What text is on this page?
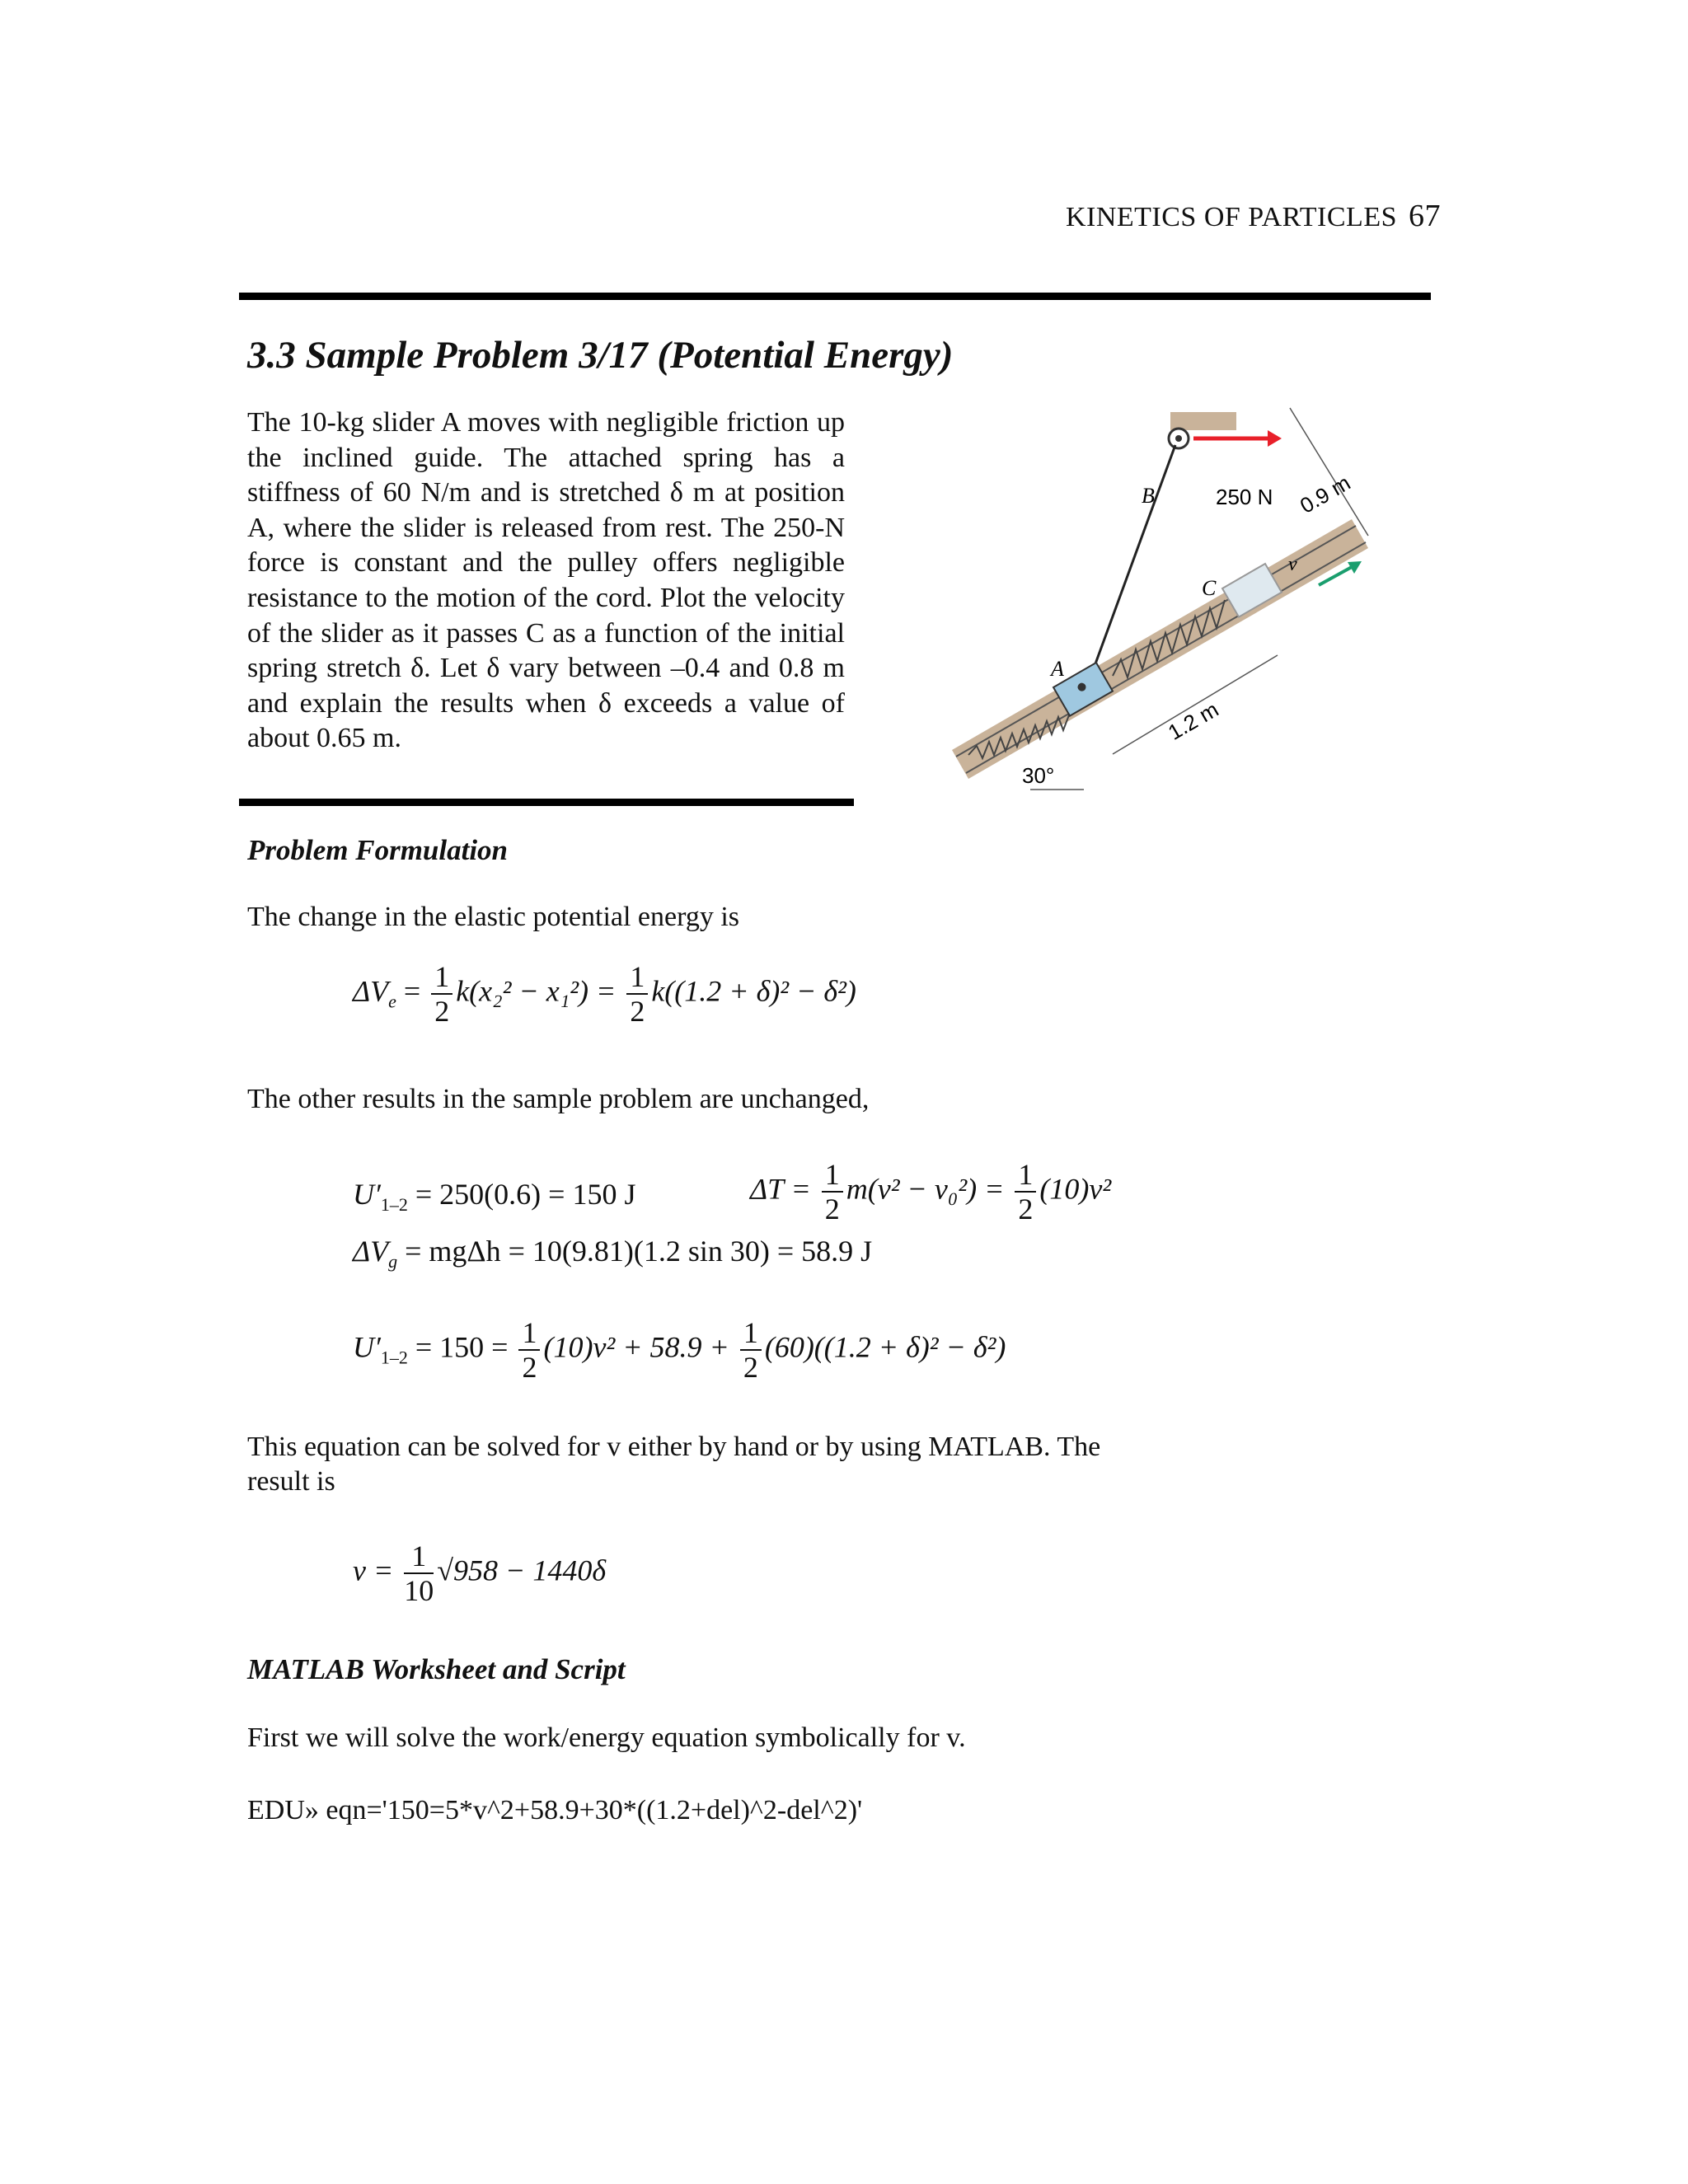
KINETICS OF PARTICLES 67
3.3 Sample Problem 3/17 (Potential Energy)
The 10-kg slider A moves with negligible friction up the inclined guide. The attached spring has a stiffness of 60 N/m and is stretched δ m at position A, where the slider is released from rest. The 250-N force is constant and the pulley offers negligible resistance to the motion of the cord. Plot the velocity of the slider as it passes C as a function of the initial spring stretch δ. Let δ vary between –0.4 and 0.8 m and explain the results when δ exceeds a value of about 0.65 m.
B
A
C
v
250 N 0.9 m
1.2 m
30°
Problem Formulation
The change in the elastic potential energy is
$\Delta V_e = \frac{1}{2} k(x_2^2 - x_1^2) = \frac{1}{2} k((1.2 + \delta)^2 - \delta^2)$
The other results in the sample problem are unchanged,
$U'_{1-2} = 250(0.6) = 150$ J	$\Delta T = \frac{1}{2} m(v^2 - v_0^2) = \frac{1}{2} (10)v^2$
$\Delta V_g = mg\Delta h = 10(9.81)(1.2$ sin 30) = 58.9 J
$U'_{1-2} = 150 = \frac{1}{2} (10)v^2 + 58.9 + \frac{1}{2} (60)((1.2 + \delta)^2 - \delta^2)$
This equation can be solved for v either by hand or by using MATLAB. The
result is
$v = \frac{1}{10} √958 - 1440\delta$
MATLAB Worksheet and Script
First we will solve the work/energy equation symbolically for v.
EDU» eqn='150=5*v^2+58.9+30*((1.2+del)^2-del^2)'
